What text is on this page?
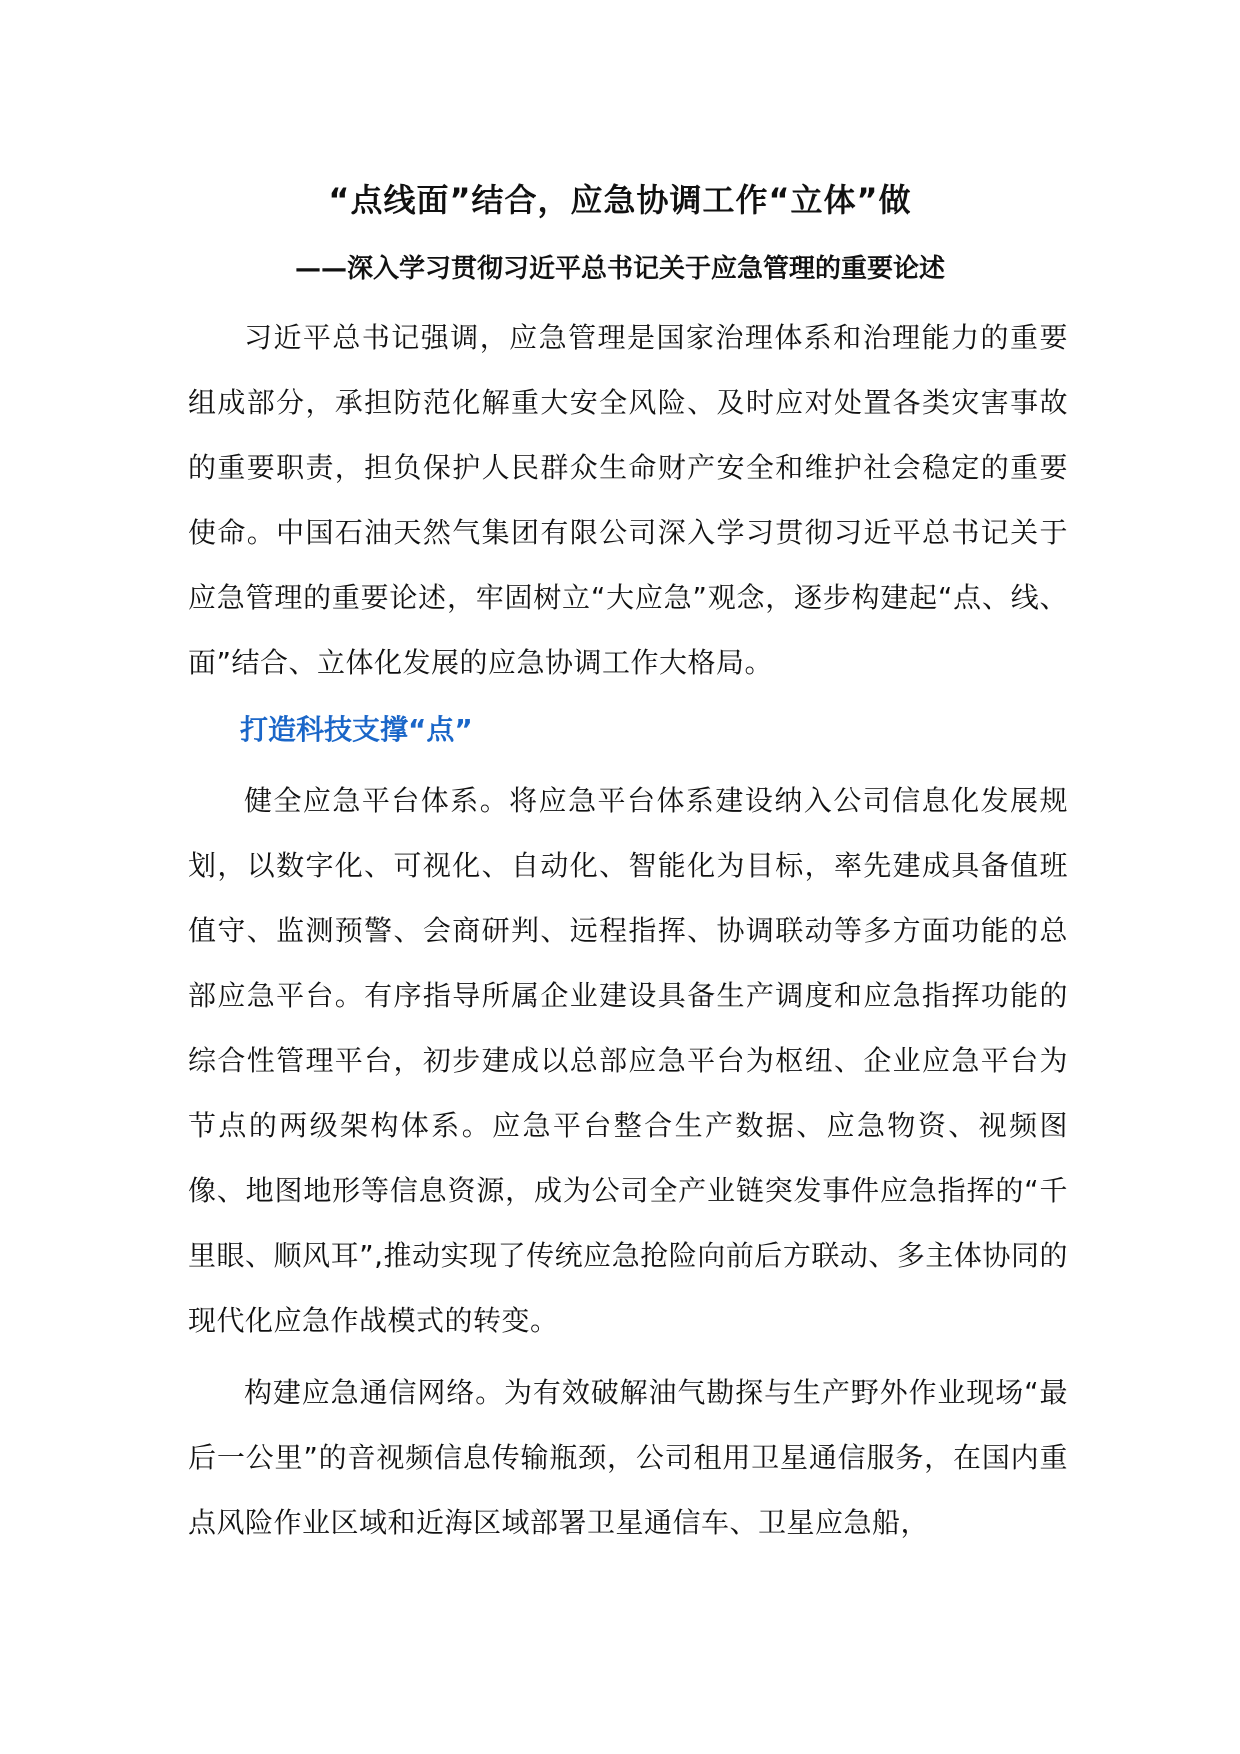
“点线面”结合，应急协调工作“立体”做
——深入学习贯彻习近平总书记关于应急管理的重要论述
习近平总书记强调，应急管理是国家治理体系和治理能力的重要组成部分，承担防范化解重大安全风险、及时应对处置各类灾害事故的重要职责，担负保护人民群众生命财产安全和维护社会稳定的重要使命。中国石油天然气集团有限公司深入学习贯彻习近平总书记关于应急管理的重要论述，牢固树立“大应急”观念，逐步构建起“点、线、面”结合、立体化发展的应急协调工作大格局。
打造科技支撑“点”
健全应急平台体系。将应急平台体系建设纳入公司信息化发展规划，以数字化、可视化、自动化、智能化为目标，率先建成具备值班值守、监测预警、会商研判、远程指挥、协调联动等多方面功能的总部应急平台。有序指导所属企业建设具备生产调度和应急指挥功能的综合性管理平台，初步建成以总部应急平台为枢纽、企业应急平台为节点的两级架构体系。应急平台整合生产数据、应急物资、视频图像、地图地形等信息资源，成为公司全产业链突发事件应急指挥的“千里眼、顺风耳”,推动实现了传统应急抢险向前后方联动、多主体协同的现代化应急作战模式的转变。
构建应急通信网络。为有效破解油气勘探与生产野外作业现场“最后一公里”的音视频信息传输瓶颈，公司租用卫星通信服务，在国内重点风险作业区域和近海区域部署卫星通信车、卫星应急船，
